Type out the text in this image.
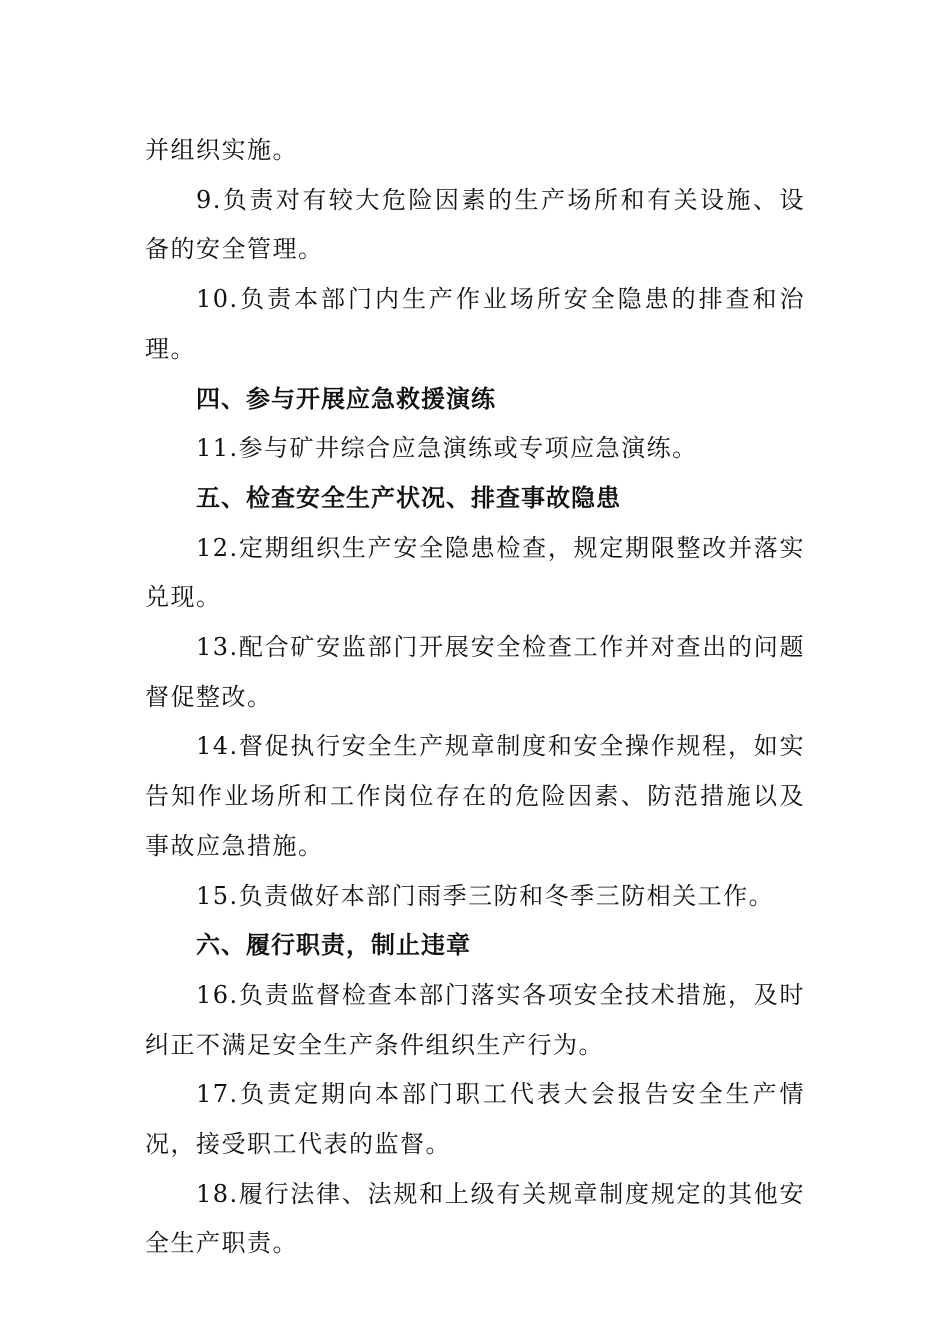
并组织实施。

9.负责对有较大危险因素的生产场所和有关设施、设备的安全管理。

10.负责本部门内生产作业场所安全隐患的排查和治理。

四、参与开展应急救援演练

11.参与矿井综合应急演练或专项应急演练。

五、检查安全生产状况、排查事故隐患

12.定期组织生产安全隐患检查，规定期限整改并落实兑现。

13.配合矿安监部门开展安全检查工作并对查出的问题督促整改。

14.督促执行安全生产规章制度和安全操作规程，如实告知作业场所和工作岗位存在的危险因素、防范措施以及事故应急措施。

15.负责做好本部门雨季三防和冬季三防相关工作。

六、履行职责，制止违章

16.负责监督检查本部门落实各项安全技术措施，及时纠正不满足安全生产条件组织生产行为。

17.负责定期向本部门职工代表大会报告安全生产情况，接受职工代表的监督。

18.履行法律、法规和上级有关规章制度规定的其他安全生产职责。
